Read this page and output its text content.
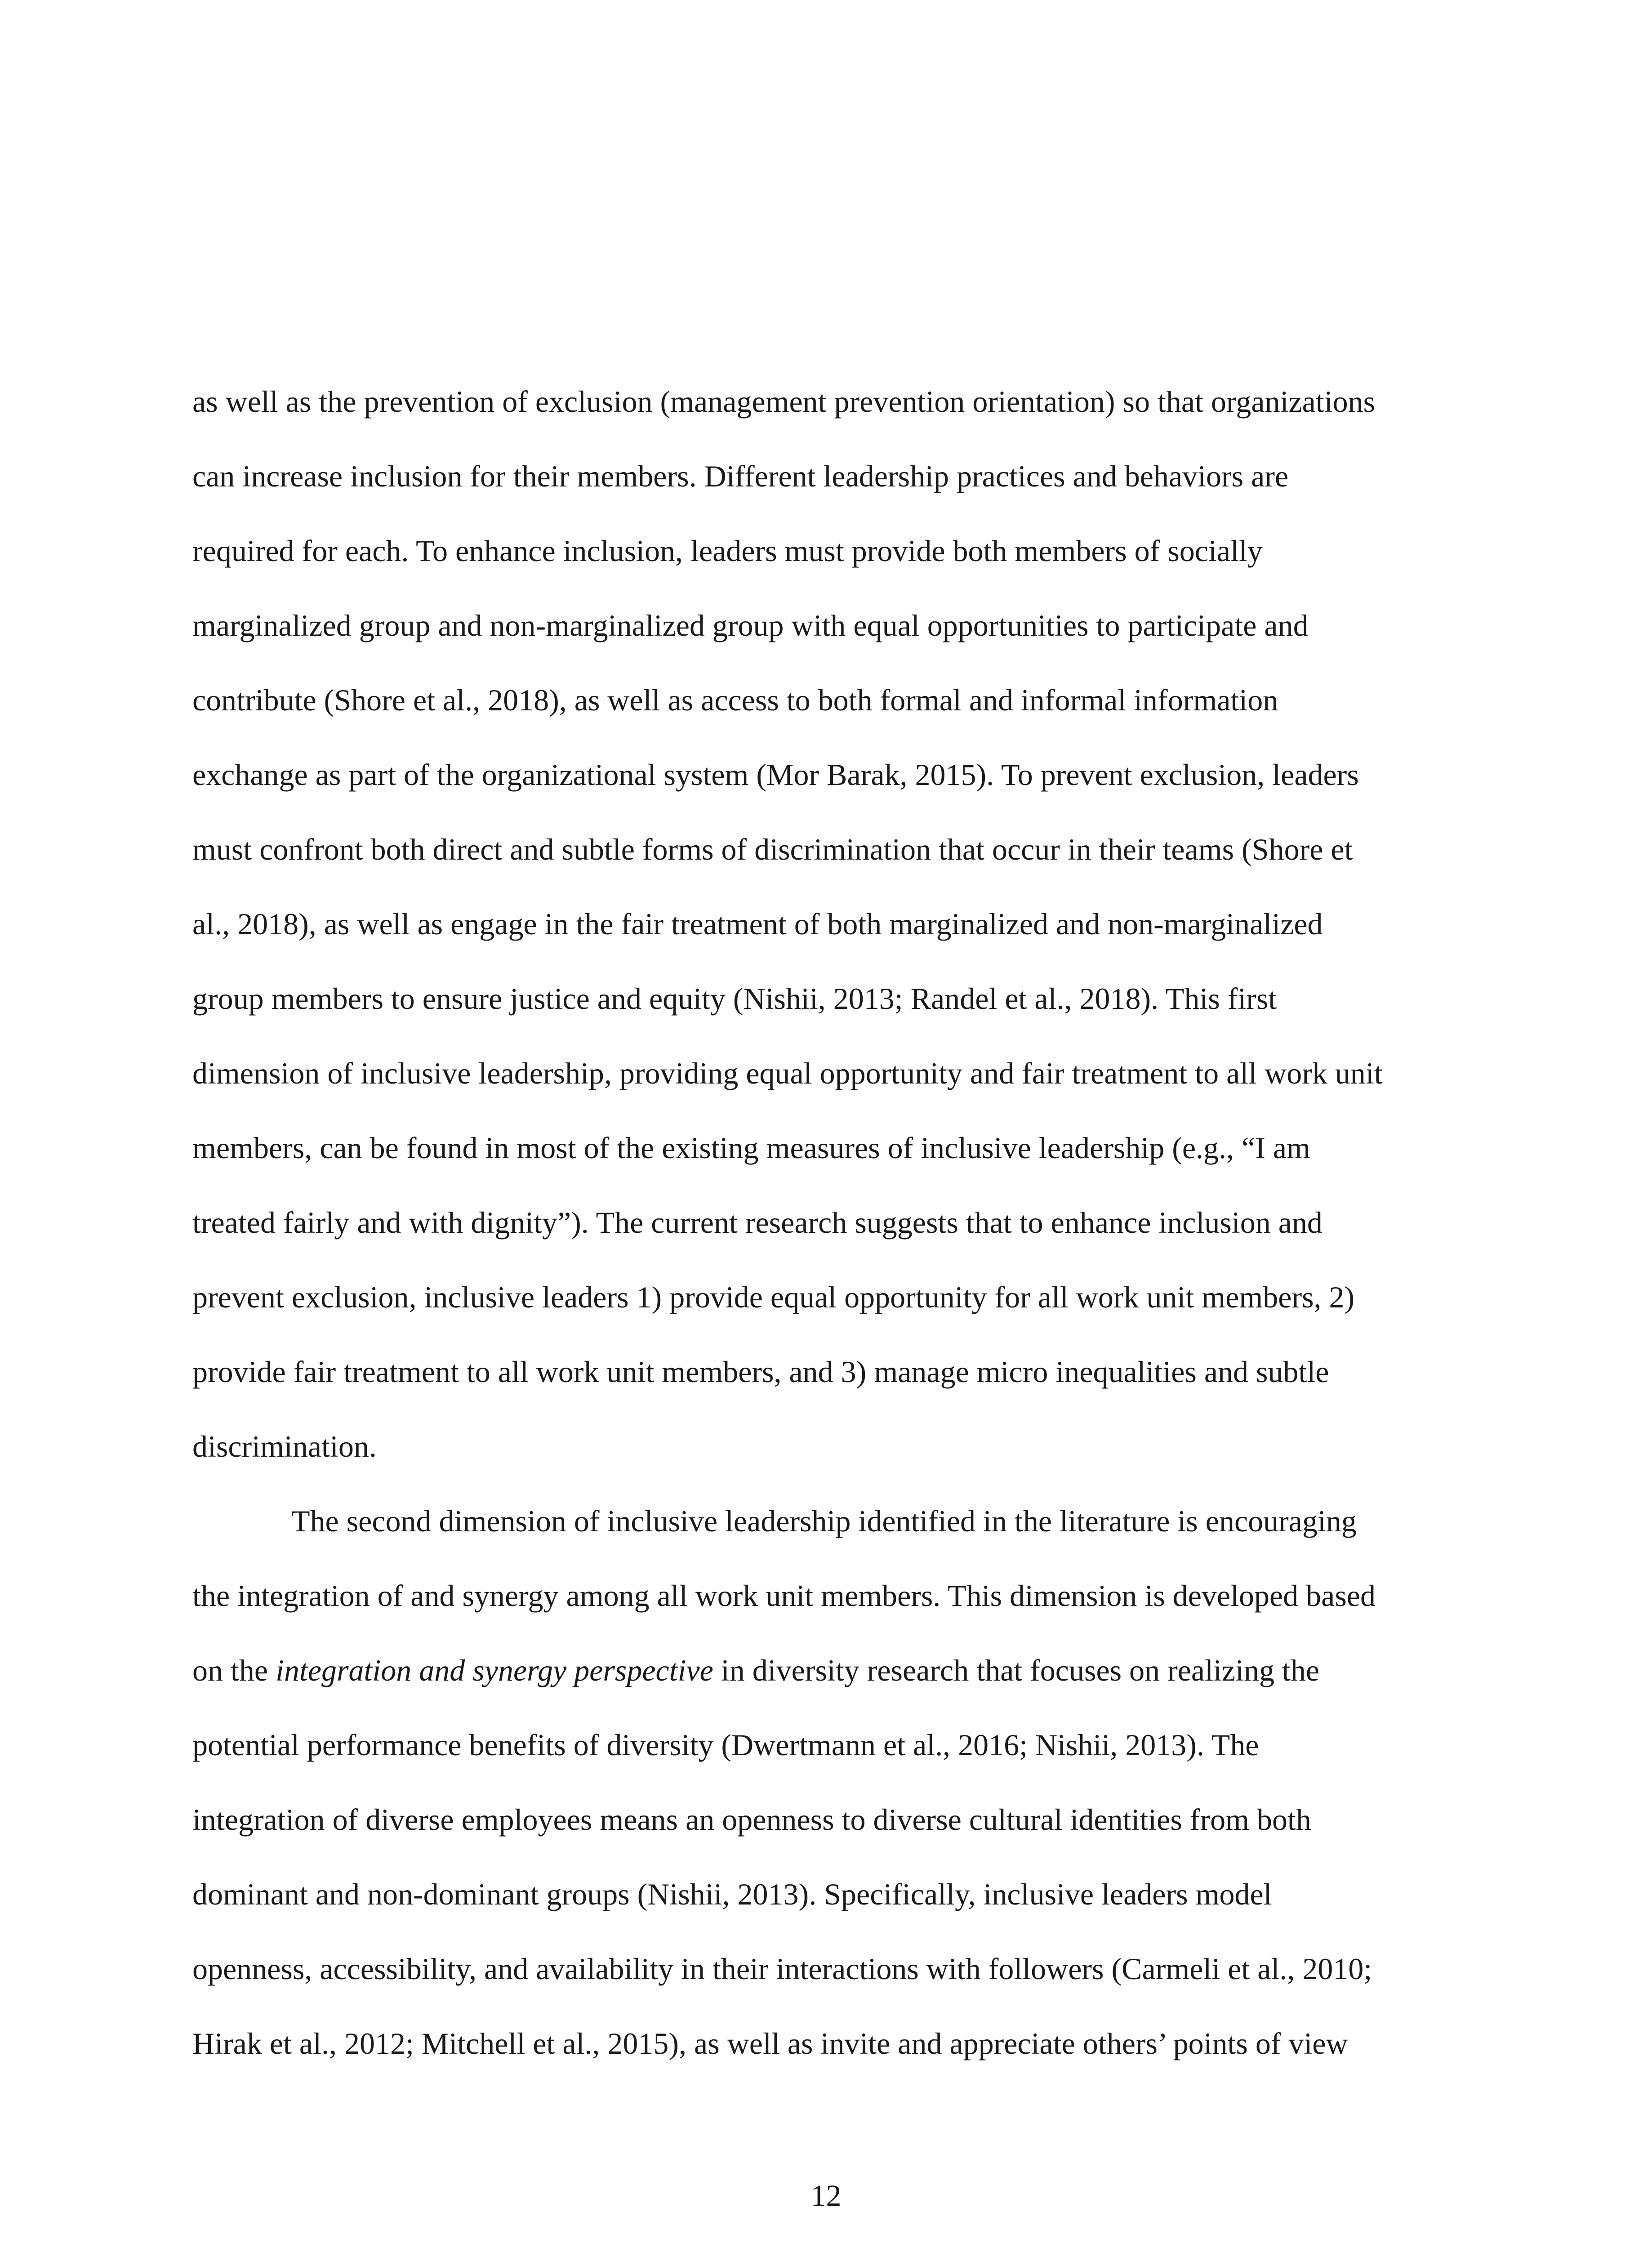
as well as the prevention of exclusion (management prevention orientation) so that organizations
can increase inclusion for their members. Different leadership practices and behaviors are
required for each. To enhance inclusion, leaders must provide both members of socially
marginalized group and non-marginalized group with equal opportunities to participate and
contribute (Shore et al., 2018), as well as access to both formal and informal information
exchange as part of the organizational system (Mor Barak, 2015). To prevent exclusion, leaders
must confront both direct and subtle forms of discrimination that occur in their teams (Shore et
al., 2018), as well as engage in the fair treatment of both marginalized and non-marginalized
group members to ensure justice and equity (Nishii, 2013; Randel et al., 2018). This first
dimension of inclusive leadership, providing equal opportunity and fair treatment to all work unit
members, can be found in most of the existing measures of inclusive leadership (e.g., “I am
treated fairly and with dignity”). The current research suggests that to enhance inclusion and
prevent exclusion, inclusive leaders 1) provide equal opportunity for all work unit members, 2)
provide fair treatment to all work unit members, and 3) manage micro inequalities and subtle
discrimination.
The second dimension of inclusive leadership identified in the literature is encouraging
the integration of and synergy among all work unit members. This dimension is developed based
on the integration and synergy perspective in diversity research that focuses on realizing the
potential performance benefits of diversity (Dwertmann et al., 2016; Nishii, 2013). The
integration of diverse employees means an openness to diverse cultural identities from both
dominant and non-dominant groups (Nishii, 2013). Specifically, inclusive leaders model
openness, accessibility, and availability in their interactions with followers (Carmeli et al., 2010;
Hirak et al., 2012; Mitchell et al., 2015), as well as invite and appreciate others’ points of view
12
